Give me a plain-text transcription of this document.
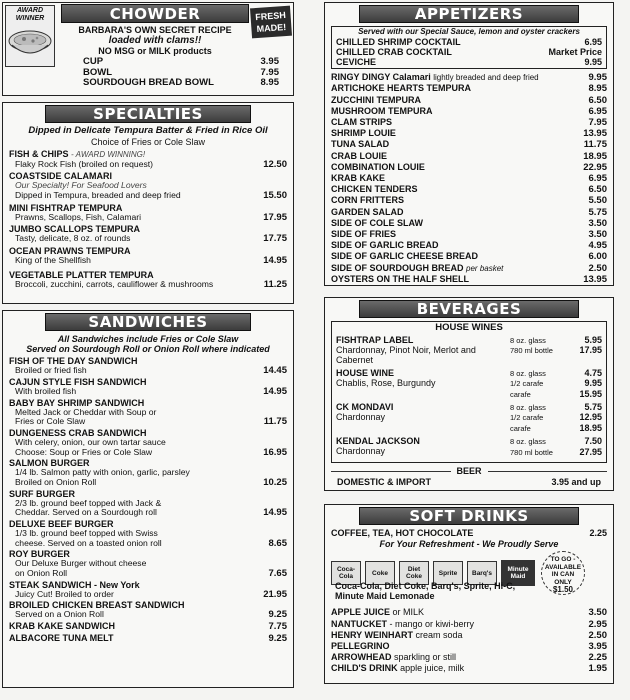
CHOWDER
AWARD
WINNER	FRESH
MADE!
BARBARA'S OWN SECRET RECIPE
loaded with clams!!
NO MSG or MILK products
CUP	3.95
BOWL	7.95
SOURDOUGH BREAD BOWL	8.95
SPECIALTIES
Dipped in Delicate Tempura Batter & Fried in Rice Oil
Choice of Fries or Cole Slaw
FISH & CHIPS - AWARD WINNING!
Flaky Rock Fish (broiled on request)	12.50
COASTSIDE CALAMARI
Our Specialty! For Seafood Lovers
Dipped in Tempura, breaded and deep fried	15.50
MINI FISHTRAP TEMPURA
Prawns, Scallops, Fish, Calamari	17.95
JUMBO SCALLOPS TEMPURA
Tasty, delicate, 8 oz. of rounds	17.75
OCEAN PRAWNS TEMPURA
King of the Shellfish	14.95
VEGETABLE PLATTER TEMPURA
Broccoli, zucchini, carrots, cauliflower & mushrooms	11.25
SANDWICHES
All Sandwiches include Fries or Cole Slaw
Served on Sourdough Roll or Onion Roll where indicated
FISH OF THE DAY SANDWICH
Broiled or fried fish	14.45
CAJUN STYLE FISH SANDWICH
With broiled fish	14.95
BABY BAY SHRIMP SANDWICH
Melted Jack or Cheddar with Soup or
Fries or Cole Slaw	11.75
DUNGENESS CRAB SANDWICH
With celery, onion, our own tartar sauce
Choose: Soup or Fries or Cole Slaw	16.95
SALMON BURGER
1/4 lb. Salmon patty with onion, garlic, parsley
Broiled on Onion Roll	10.25
SURF BURGER
2/3 lb. ground beef topped with Jack &
Cheddar. Served on a Sourdough roll	14.95
DELUXE BEEF BURGER
1/3 lb. ground beef topped with Swiss
cheese. Served on a toasted onion roll	8.65
ROY BURGER
Our Deluxe Burger without cheese
on Onion Roll	7.65
STEAK SANDWICH - New York
Juicy Cut! Broiled to order	21.95
BROILED CHICKEN BREAST SANDWICH
Served on a Onion Roll	9.25
KRAB KAKE SANDWICH	7.75
ALBACORE TUNA MELT	9.25
APPETIZERS
Served with our Special Sauce, lemon and oyster crackers
CHILLED SHRIMP COCKTAIL	6.95
CHILLED CRAB COCKTAIL	Market Price
CEVICHE	9.95
RINGY DINGY Calamari lightly breaded and deep fried	9.95
ARTICHOKE HEARTS TEMPURA	8.95
ZUCCHINI TEMPURA	6.50
MUSHROOM TEMPURA	6.95
CLAM STRIPS	7.95
SHRIMP LOUIE	13.95
TUNA SALAD	11.75
CRAB LOUIE	18.95
COMBINATION LOUIE	22.95
KRAB KAKE	6.95
CHICKEN TENDERS	6.50
CORN FRITTERS	5.50
GARDEN SALAD	5.75
SIDE OF COLE SLAW	3.50
SIDE OF FRIES	3.50
SIDE OF GARLIC BREAD	4.95
SIDE OF GARLIC CHEESE BREAD	6.00
SIDE OF SOURDOUGH BREAD per basket	2.50
OYSTERS ON THE HALF SHELL	13.95
BEVERAGES
HOUSE WINES
FISHTRAP LABEL
Chardonnay, Pinot Noir, Merlot and
Cabernet
8 oz. glass	5.95
780 ml bottle	17.95
HOUSE WINE
Chablis, Rose, Burgundy
8 oz. glass	4.75
1/2 carafe	9.95
carafe	15.95
CK MONDAVI
Chardonnay
8 oz. glass	5.75
1/2 carafe	12.95
carafe	18.95
KENDAL JACKSON
Chardonnay
8 oz. glass	7.50
780 ml bottle	27.95
BEER
DOMESTIC & IMPORT	3.95 and up
SOFT DRINKS
COFFEE, TEA, HOT CHOCOLATE	2.25
For Your Refreshment - We Proudly Serve
Coca-Cola
Coke
Diet Coke
Sprite	Barq's
Minute Maid
TO GO -
AVAILABLE
IN CAN
ONLY
$1.50
Coca-Cola, Diet Coke, Barq's, Sprite, Hi-C,
Minute Maid Lemonade
APPLE JUICE or MILK	3.50
NANTUCKET - mango or kiwi-berry	2.95
HENRY WEINHART cream soda	2.50
PELLEGRINO	3.95
ARROWHEAD sparkling or still	2.25
CHILD'S DRINK apple juice, milk	1.95
